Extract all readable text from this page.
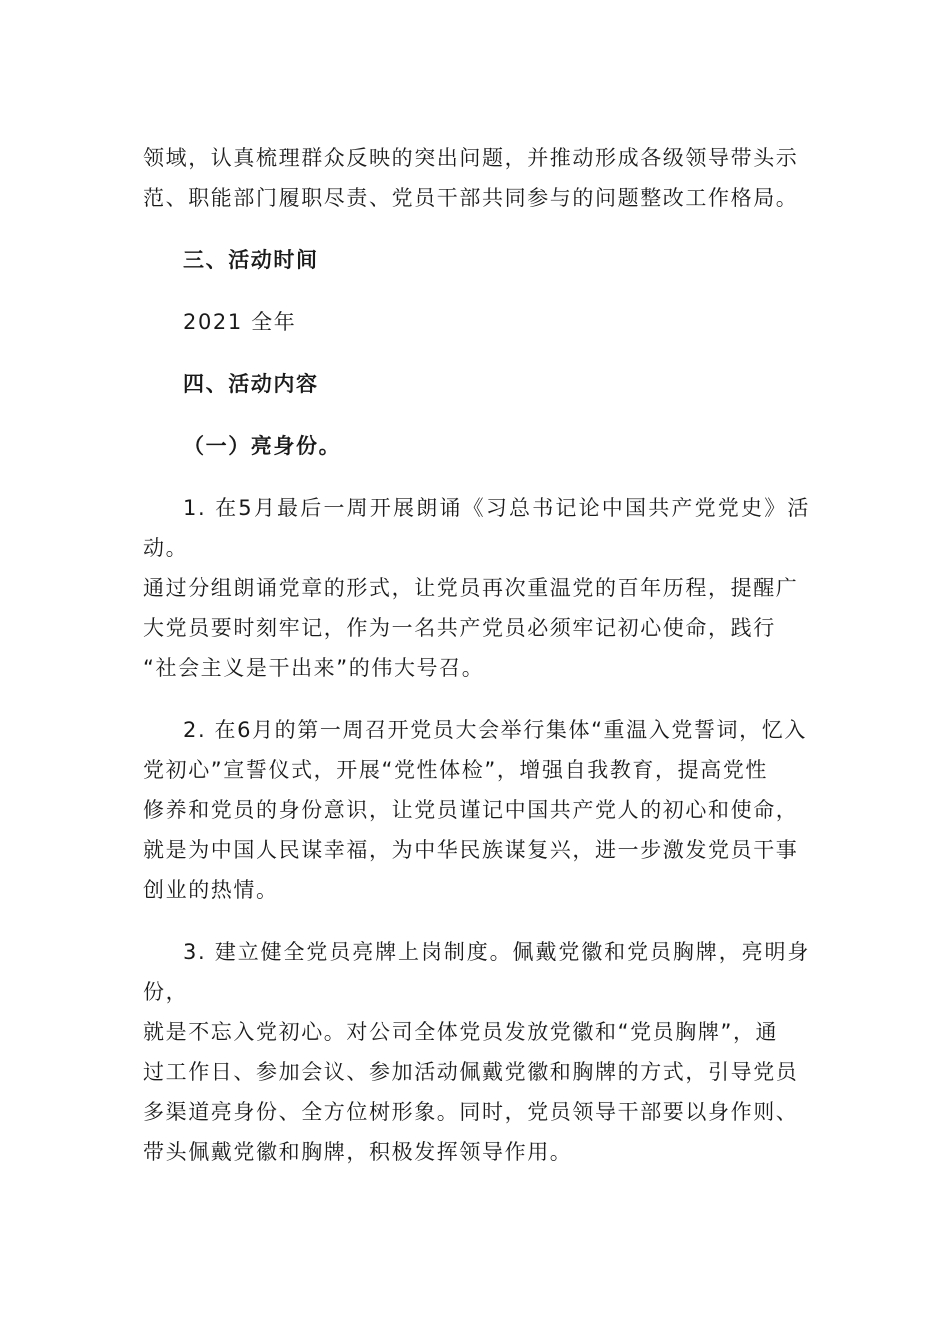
领域，认真梳理群众反映的突出问题，并推动形成各级领导带头示

范、职能部门履职尽责、党员干部共同参与的问题整改工作格局。

三、活动时间

2021 全年

四、活动内容

（一）亮身份。

1. 在5月最后一周开展朗诵《习总书记论中国共产党党史》活动。

通过分组朗诵党章的形式，让党员再次重温党的百年历程，提醒广

大党员要时刻牢记，作为一名共产党员必须牢记初心使命，践行

“社会主义是干出来”的伟大号召。

2. 在6月的第一周召开党员大会举行集体“重温入党誓词，忆入

党初心”宣誓仪式，开展“党性体检”，增强自我教育，提高党性

修养和党员的身份意识，让党员谨记中国共产党人的初心和使命，

就是为中国人民谋幸福，为中华民族谋复兴，进一步激发党员干事

创业的热情。

3. 建立健全党员亮牌上岗制度。佩戴党徽和党员胸牌，亮明身份，

就是不忘入党初心。对公司全体党员发放党徽和“党员胸牌”，通

过工作日、参加会议、参加活动佩戴党徽和胸牌的方式，引导党员

多渠道亮身份、全方位树形象。同时，党员领导干部要以身作则、

带头佩戴党徽和胸牌，积极发挥领导作用。
